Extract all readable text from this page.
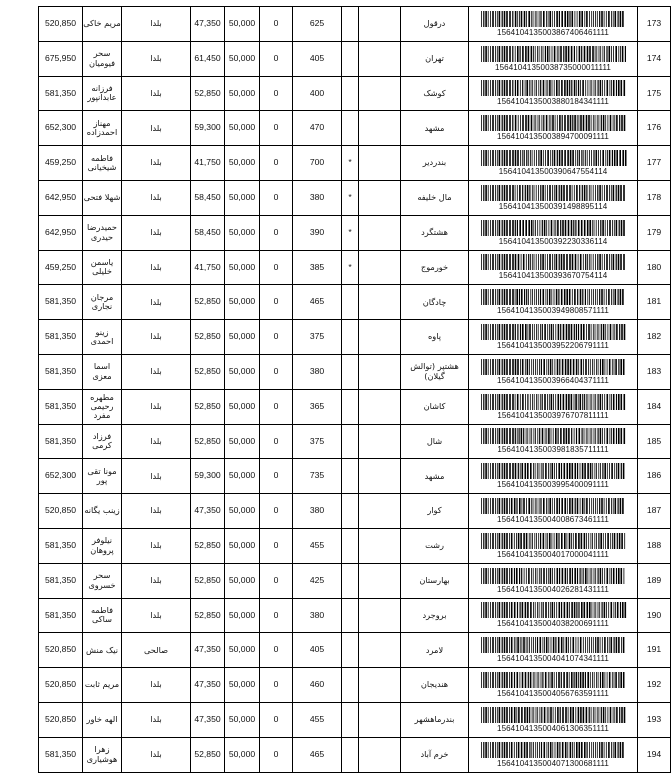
520,850	مریم خاکی	بلدا	47,350	50,000	0	625			درقول	1564104135003867406461111	173
675,950	سحر فیومیان	بلدا	61,450	50,000	0	405			تهران	15641041350038735000011111	174
581,350	فرزانه عابدانپور	بلدا	52,850	50,000	0	400			کوشک	1564104135003880184341111	175
652,300	مهناز احمدزاده	بلدا	59,300	50,000	0	470			مشهد	1564104135003894700091111	176
459,250	فاطمه شیخیانی	بلدا	41,750	50,000	0	700	*		بندردیر	156410413500390647554114	177
642,950	شهلا فتحی	بلدا	58,450	50,000	0	380	*		مال خلیفه	156410413500391498895114	178
642,950	حمیدرضا حیدری	بلدا	58,450	50,000	0	390	*		هشتگرد	156410413500392230336114	179
459,250	یاسمن خلیلی	بلدا	41,750	50,000	0	385	*		خورموج	156410413500393670754114	180
581,350	مرجان نجاری	بلدا	52,850	50,000	0	465			چادگان	1564104135003949808571111	181
581,350	زینو احمدی	بلدا	52,850	50,000	0	375			پاوه	1564104135003952206791111	182
581,350	اسما معزی	بلدا	52,850	50,000	0	380			هشتپر (توالش گیلان)	1564104135003966404371111	183
581,350	مطهره رحیمی مفرد	بلدا	52,850	50,000	0	365			کاشان	1564104135003976707811111	184
581,350	فرزاد کرمی	بلدا	52,850	50,000	0	375			شال	1564104135003981835711111	185
652,300	مونا تقی پور	بلدا	59,300	50,000	0	735			مشهد	1564104135003995400091111	186
520,850	زینب یگانه	بلدا	47,350	50,000	0	380			کوار	1564104135004008673461111	187
581,350	نیلوفر پروهان	بلدا	52,850	50,000	0	455			رشت	1564104135004017000041111	188
581,350	سحر خسروی	بلدا	52,850	50,000	0	425			بهارستان	1564104135004026281431111	189
581,350	فاطمه ساکی	بلدا	52,850	50,000	0	380			بروجرد	1564104135004038200691111	190
520,850	نیک منش	صالحی	47,350	50,000	0	405			لامرد	1564104135004041074341111	191
520,850	مریم ثابت	بلدا	47,350	50,000	0	460			هندیجان	1564104135004056763591111	192
520,850	الهه خاور	بلدا	47,350	50,000	0	455			بندرماهشهر	1564104135004061306351111	193
581,350	زهرا هوشیاری	بلدا	52,850	50,000	0	465			خرم آباد	1564104135004071300681111	194
